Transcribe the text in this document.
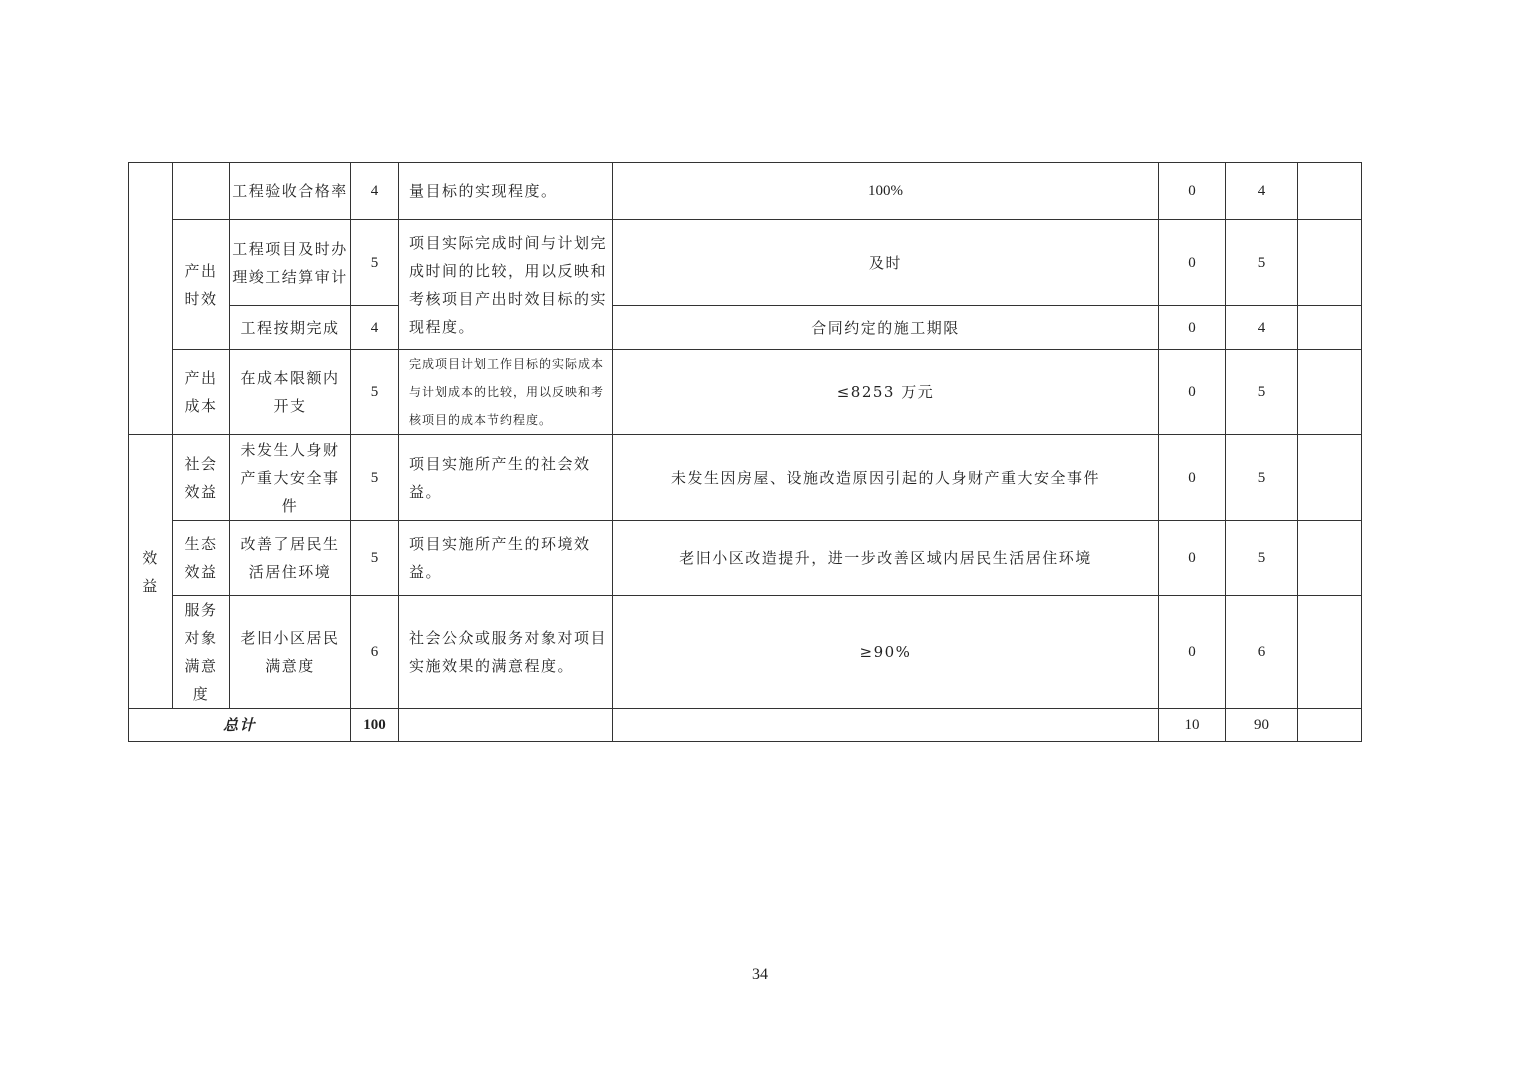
		工程验收合格率	4	量目标的实现程度。	100%	0	4	
	产出时效	工程项目及时办理竣工结算审计	5	项目实际完成时间与计划完成时间的比较，用以反映和考核项目产出时效目标的实现程度。	及时	0	5	
		工程按期完成	4		合同约定的施工期限	0	4	
	产出成本	在成本限额内开支	5	完成项目计划工作目标的实际成本与计划成本的比较，用以反映和考核项目的成本节约程度。	≤8253 万元	0	5	
效益	社会效益	未发生人身财产重大安全事件	5	项目实施所产生的社会效益。	未发生因房屋、设施改造原因引起的人身财产重大安全事件	0	5	
	生态效益	改善了居民生活居住环境	5	项目实施所产生的环境效益。	老旧小区改造提升，进一步改善区域内居民生活居住环境	0	5	
	服务对象满意度	老旧小区居民满意度	6	社会公众或服务对象对项目实施效果的满意程度。	≥90%	0	6	
总计			100			10	90	
34
